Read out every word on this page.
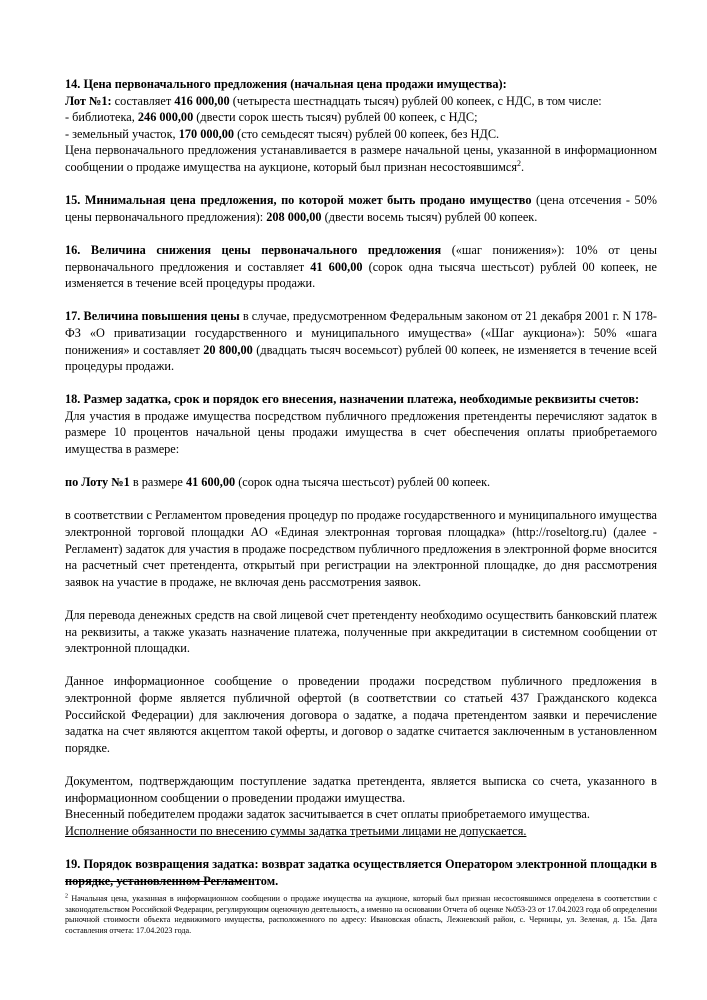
14. Цена первоначального предложения (начальная цена продажи имущества):

Лот №1: составляет 416 000,00 (четыреста шестнадцать тысяч) рублей 00 копеек, с НДС, в том числе:

- библиотека, 246 000,00 (двести сорок шесть тысяч) рублей 00 копеек, с НДС;

- земельный участок, 170 000,00 (сто семьдесят тысяч) рублей 00 копеек, без НДС.

Цена первоначального предложения устанавливается в размере начальной цены, указанной в информационном сообщении о продаже имущества на аукционе, который был признан несостоявшимся$^2$.

15. Минимальная цена предложения, по которой может быть продано имущество (цена отсечения - 50% цены первоначального предложения): 208 000,00 (двести восемь тысяч) рублей 00 копеек.

16. Величина снижения цены первоначального предложения («шаг понижения»): 10% от цены первоначального предложения и составляет 41 600,00 (сорок одна тысяча шестьсот) рублей 00 копеек, не изменяется в течение всей процедуры продажи.

17. Величина повышения цены в случае, предусмотренном Федеральным законом от 21 декабря 2001 г. N 178-ФЗ «О приватизации государственного и муниципального имущества» («Шаг аукциона»): 50% «шага понижения» и составляет 20 800,00 (двадцать тысяч восемьсот) рублей 00 копеек, не изменяется в течение всей процедуры продажи.

18. Размер задатка, срок и порядок его внесения, назначении платежа, необходимые реквизиты счетов:

Для участия в продаже имущества посредством публичного предложения претенденты перечисляют задаток в размере 10 процентов начальной цены продажи имущества в счет обеспечения оплаты приобретаемого имущества в размере:

по Лоту №1 в размере 41 600,00 (сорок одна тысяча шестьсот) рублей 00 копеек.

в соответствии с Регламентом проведения процедур по продаже государственного и муниципального имущества электронной торговой площадки АО «Единая электронная торговая площадка» (http://roseltorg.ru) (далее - Регламент) задаток для участия в продаже посредством публичного предложения в электронной форме вносится на расчетный счет претендента, открытый при регистрации на электронной площадке, до дня рассмотрения заявок на участие в продаже, не включая день рассмотрения заявок.

Для перевода денежных средств на свой лицевой счет претенденту необходимо осуществить банковский платеж на реквизиты, а также указать назначение платежа, полученные при аккредитации в системном сообщении от электронной площадки.

Данное информационное сообщение о проведении продажи посредством публичного предложения в электронной форме является публичной офертой (в соответствии со статьей 437 Гражданского кодекса Российской Федерации) для заключения договора о задатке, а подача претендентом заявки и перечисление задатка на счет являются акцептом такой оферты, и договор о задатке считается заключенным в установленном порядке.

Документом, подтверждающим поступление задатка претендента, является выписка со счета, указанного в информационном сообщении о проведении продажи имущества.

Внесенный победителем продажи задаток засчитывается в счет оплаты приобретаемого имущества.

Исполнение обязанности по внесению суммы задатка третьими лицами не допускается.

19. Порядок возвращения задатка: возврат задатка осуществляется Оператором электронной площадки в порядке, установленном Регламентом.

$^2$ Начальная цена, указанная в информационном сообщении о продаже имущества на аукционе, который был признан несостоявшимся определена в соответствии с законодательством Российской Федерации, регулирующим оценочную деятельность, а именно на основании Отчета об оценке №053-23 от 17.04.2023 года об определении рыночной стоимости объекта недвижимого имущества, расположенного по адресу: Ивановская область, Лежневский район, с. Черницы, ул. Зеленая, д. 15а. Дата составления отчета: 17.04.2023 года.
